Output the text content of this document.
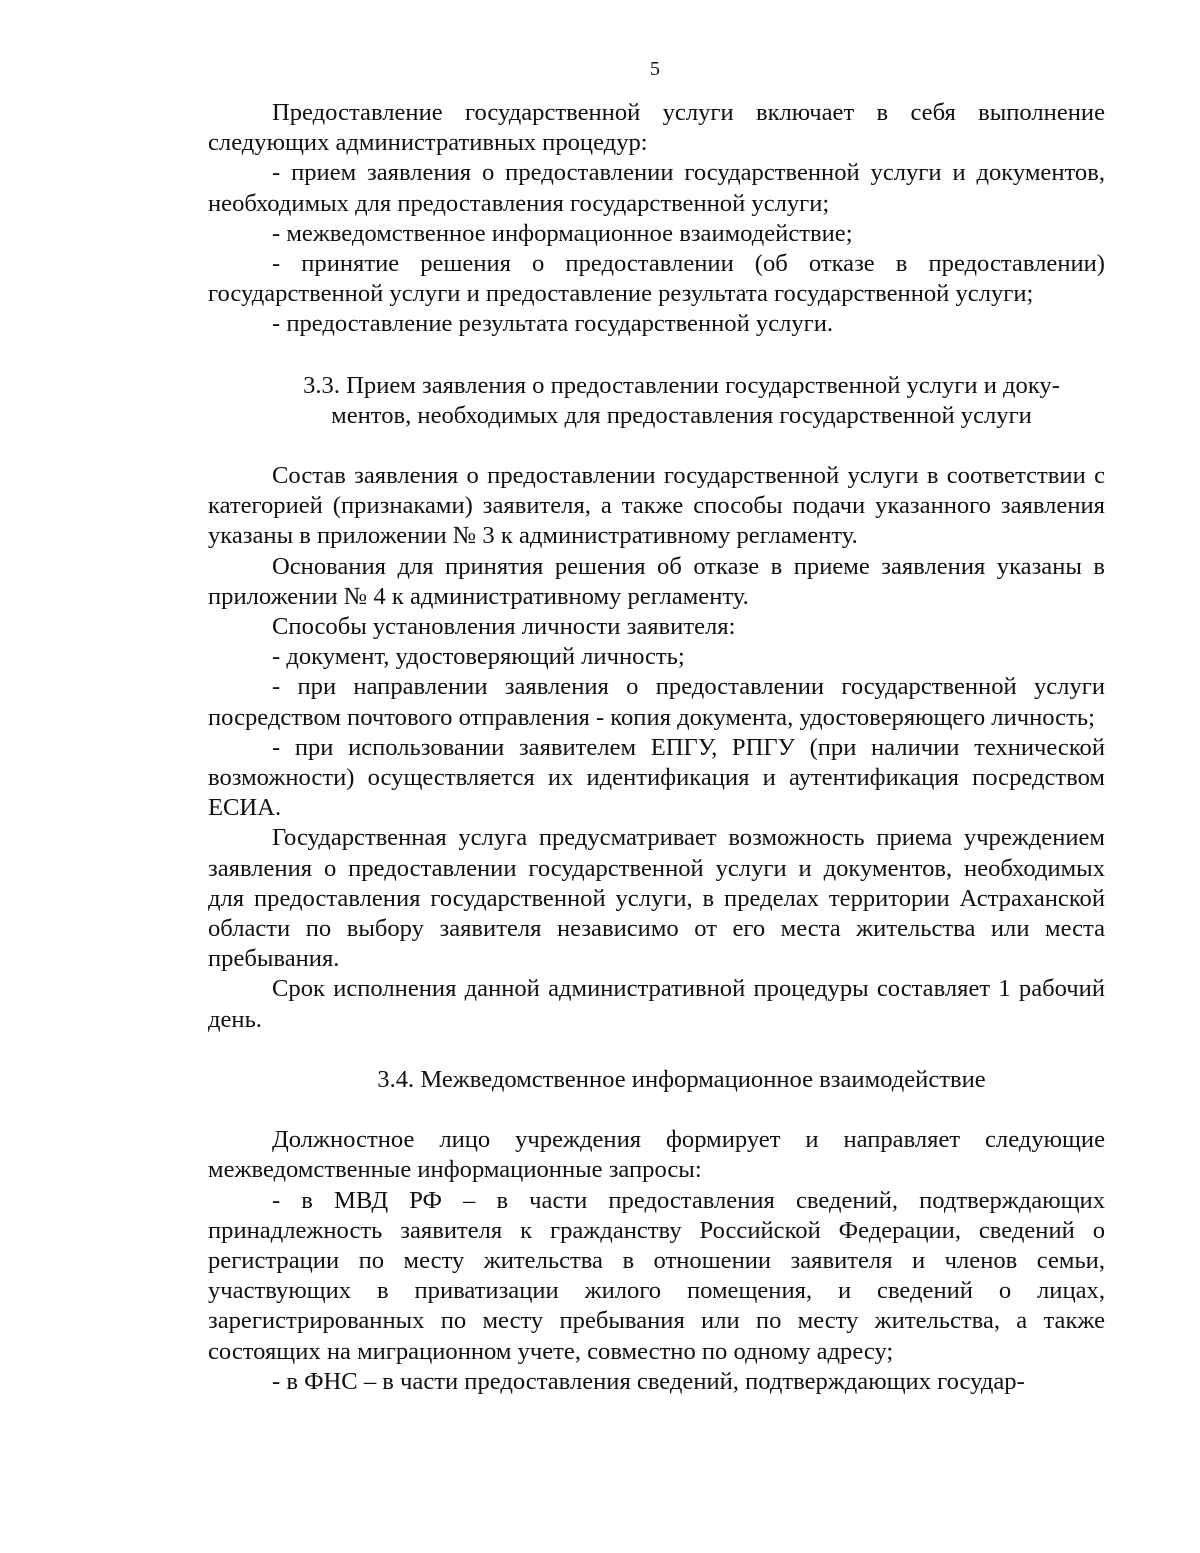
5

Предоставление государственной услуги включает в себя выполнение следующих административных процедур:

- прием заявления о предоставлении государственной услуги и документов, необходимых для предоставления государственной услуги;

- межведомственное информационное взаимодействие;

- принятие решения о предоставлении (об отказе в предоставлении) государственной услуги и предоставление результата государственной услуги;

- предоставление результата государственной услуги.

3.3. Прием заявления о предоставлении государственной услуги и доку-
ментов, необходимых для предоставления государственной услуги

Состав заявления о предоставлении государственной услуги в соответствии с категорией (признаками) заявителя, а также способы подачи указанного заявления указаны в приложении № 3 к административному регламенту.

Основания для принятия решения об отказе в приеме заявления указаны в приложении № 4 к административному регламенту.

Способы установления личности заявителя:

- документ, удостоверяющий личность;

- при направлении заявления о предоставлении государственной услуги посредством почтового отправления - копия документа, удостоверяющего личность;

- при использовании заявителем ЕПГУ, РПГУ (при наличии технической возможности) осуществляется их идентификация и аутентификация посредством ЕСИА.

Государственная услуга предусматривает возможность приема учреждением заявления о предоставлении государственной услуги и документов, необходимых для предоставления государственной услуги, в пределах территории Астраханской области по выбору заявителя независимо от его места жительства или места пребывания.

Срок исполнения данной административной процедуры составляет 1 рабочий день.

3.4. Межведомственное информационное взаимодействие

Должностное лицо учреждения формирует и направляет следующие межведомственные информационные запросы:

- в МВД РФ – в части предоставления сведений, подтверждающих принадлежность заявителя к гражданству Российской Федерации, сведений о регистрации по месту жительства в отношении заявителя и членов семьи, участвующих в приватизации жилого помещения, и сведений о лицах, зарегистрированных по месту пребывания или по месту жительства, а также состоящих на миграционном учете, совместно по одному адресу;

- в ФНС – в части предоставления сведений, подтверждающих государ-
